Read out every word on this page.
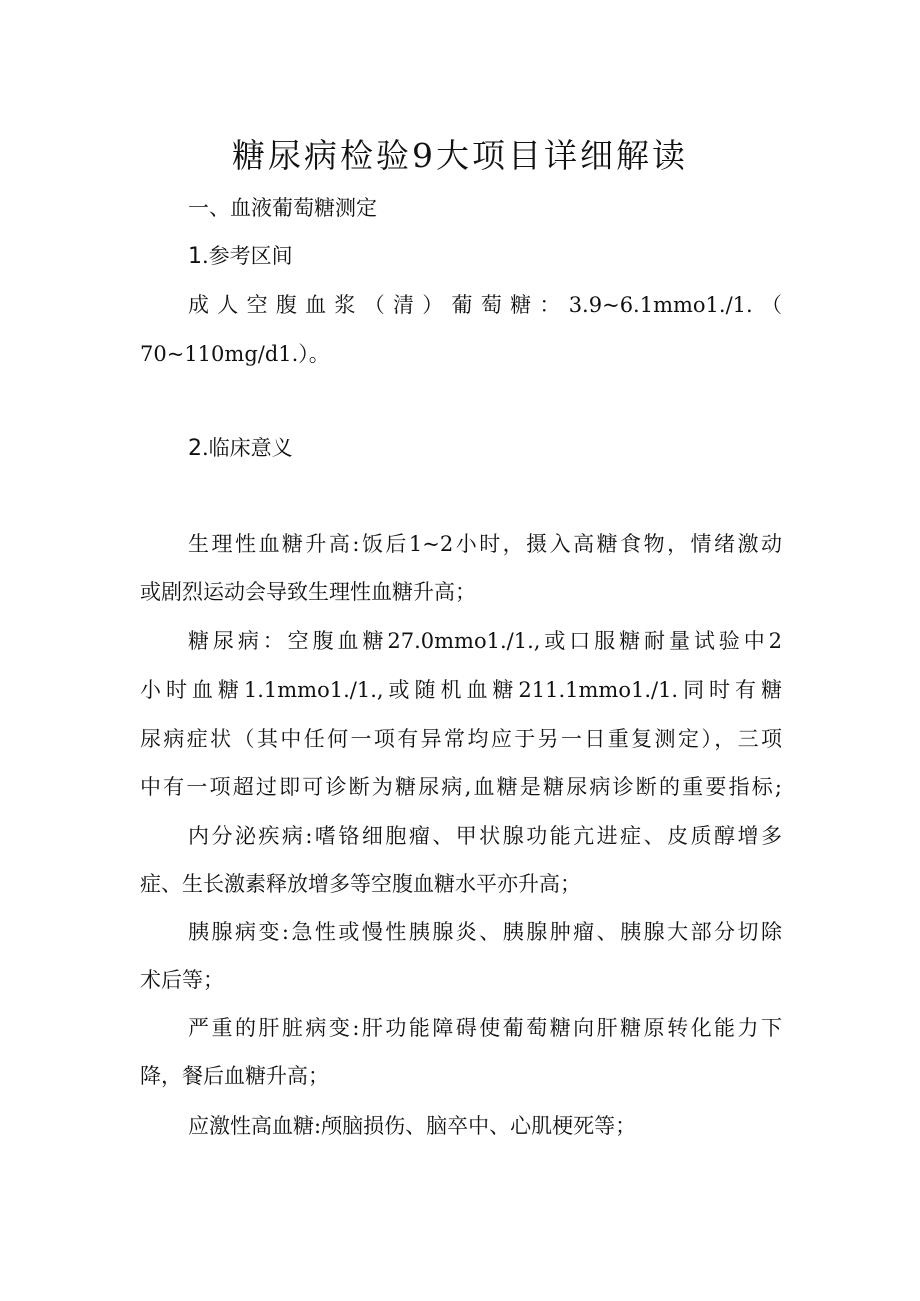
糖尿病检验9大项目详细解读

一、血液葡萄糖测定

1.参考区间

成人空腹血浆（清）葡萄糖：3.9~6.1mmo1./1.（

70~110mg/d1.）。

2.临床意义

生理性血糖升高:饭后1~2小时，摄入高糖食物，情绪激动

或剧烈运动会导致生理性血糖升高；

糖尿病：空腹血糖27.0mmo1./1.,或口服糖耐量试验中2

小时血糖1.1mmo1./1.,或随机血糖211.1mmo1./1.同时有糖

尿病症状（其中任何一项有异常均应于另一日重复测定），三项

中有一项超过即可诊断为糖尿病,血糖是糖尿病诊断的重要指标;

内分泌疾病:嗜铬细胞瘤、甲状腺功能亢进症、皮质醇增多

症、生长激素释放增多等空腹血糖水平亦升高；

胰腺病变:急性或慢性胰腺炎、胰腺肿瘤、胰腺大部分切除

术后等；

严重的肝脏病变:肝功能障碍使葡萄糖向肝糖原转化能力下

降，餐后血糖升高；

应激性高血糖:颅脑损伤、脑卒中、心肌梗死等；
